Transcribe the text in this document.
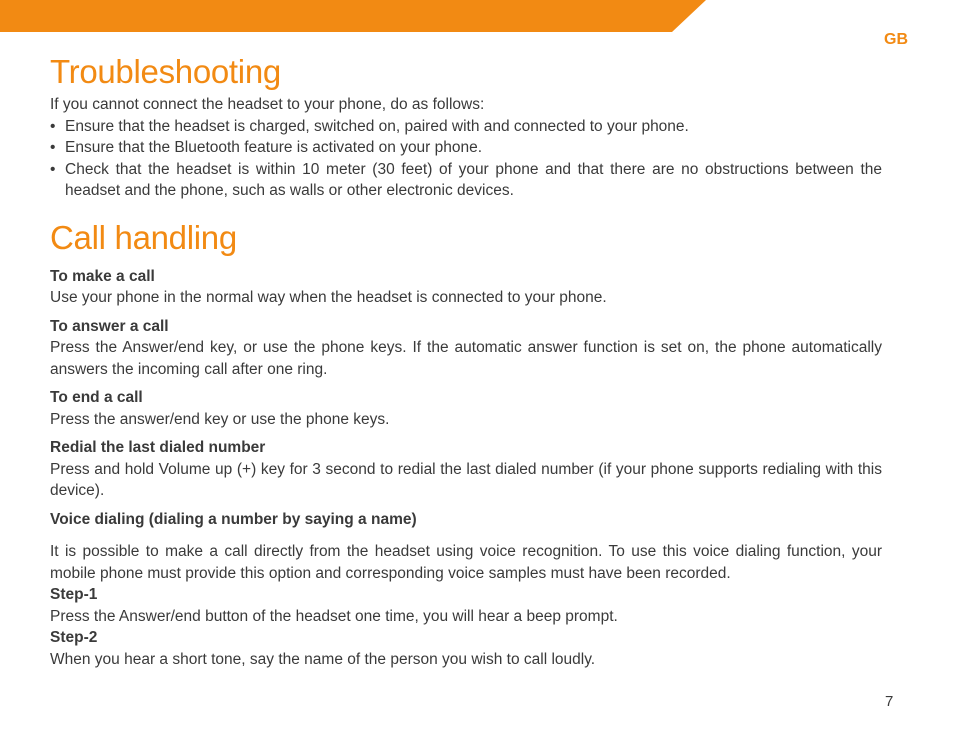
GB
Troubleshooting

If you cannot connect the headset to your phone, do as follows:

• Ensure that the headset is charged, switched on, paired with and connected to your phone.
• Ensure that the Bluetooth feature is activated on your phone.
• Check that the headset is within 10 meter (30 feet) of your phone and that there are no obstructions between the headset and the phone, such as walls or other electronic devices.
Call handling
To make a call

Use your phone in the normal way when the headset is connected to your phone.

To answer a call

Press the Answer/end key, or use the phone keys. If the automatic answer function is set on, the phone automatically answers the incoming call after one ring.

To end a call

Press the answer/end key or use the phone keys.

Redial the last dialed number

Press and hold Volume up (+) key for 3 second to redial the last dialed number (if your phone supports redialing with this device).

Voice dialing (dialing a number by saying a name)

It is possible to make a call directly from the headset using voice recognition. To use this voice dialing function, your mobile phone must provide this option and corresponding voice samples must have been recorded.

Step-1

Press the Answer/end button of the headset one time, you will hear a beep prompt.

Step-2

When you hear a short tone, say the name of the person you wish to call loudly.

7
